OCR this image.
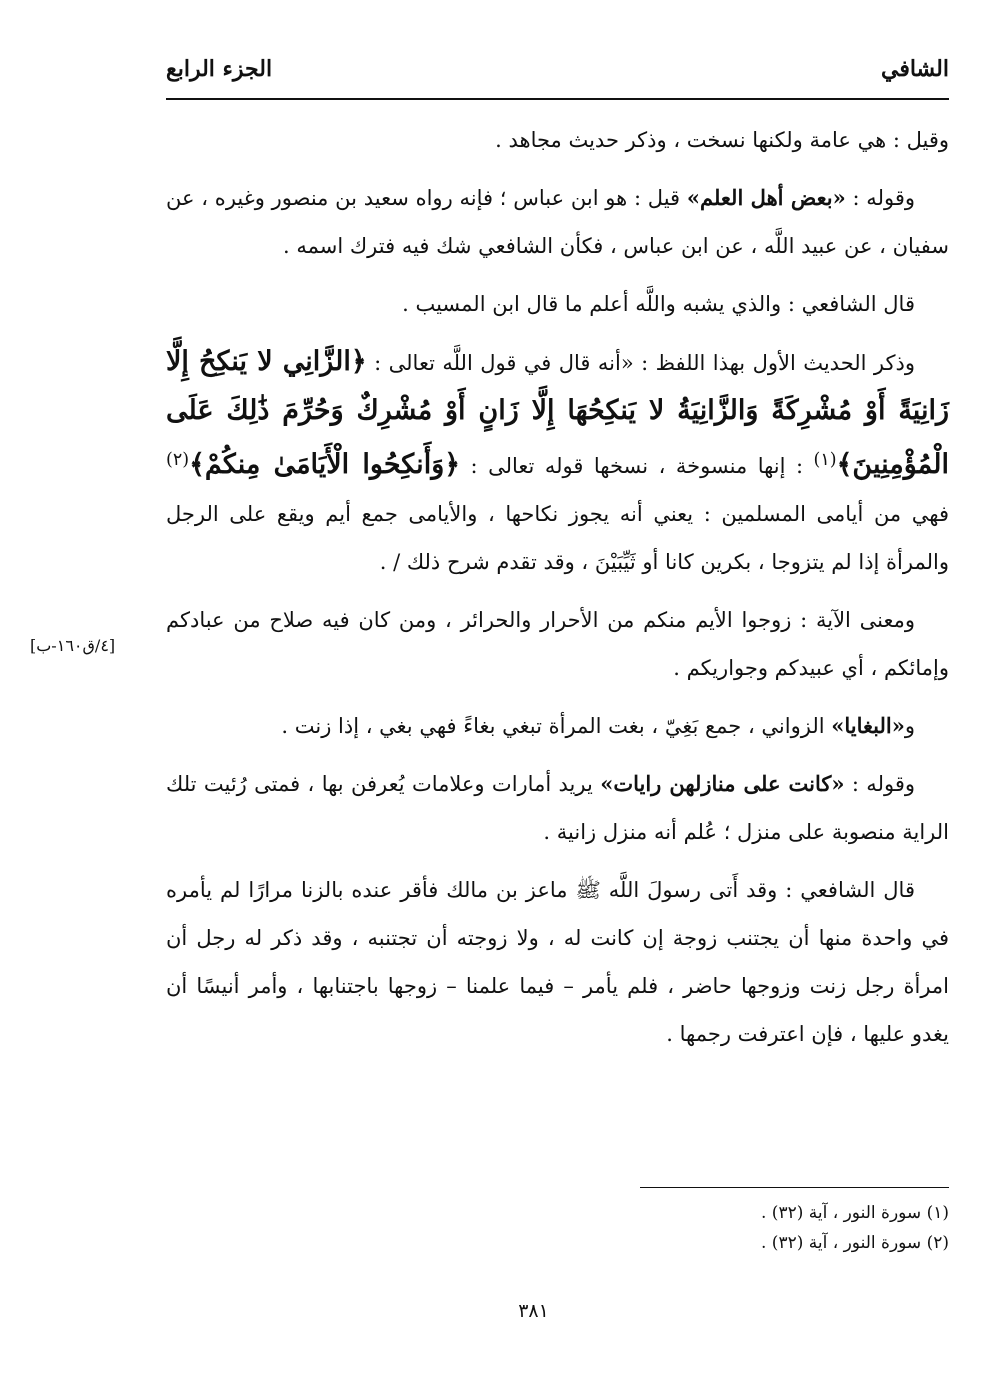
الشافي
الجزء الرابع

وقيل : هي عامة ولكنها نسخت ، وذكر حديث مجاهد .

وقوله : «بعض أهل العلم» قيل : هو ابن عباس ؛ فإنه رواه سعيد بن منصور وغيره ، عن سفيان ، عن عبيد اللَّه ، عن ابن عباس ، فكأن الشافعي شك فيه فترك اسمه .

قال الشافعي : والذي يشبه واللَّه أعلم ما قال ابن المسيب .

وذكر الحديث الأول بهذا اللفظ : «أنه قال في قول اللَّه تعالى : ﴿الزَّانِي لا يَنكِحُ إِلَّا زَانِيَةً أَوْ مُشْرِكَةً وَالزَّانِيَةُ لا يَنكِحُهَا إِلَّا زَانٍ أَوْ مُشْرِكٌ وَحُرِّمَ ذَٰلِكَ عَلَى الْمُؤْمِنِينَ﴾$^{(١)}$ : إنها منسوخة ، نسخها قوله تعالى : ﴿وَأَنكِحُوا الْأَيَامَىٰ مِنكُمْ﴾$^{(٢)}$ فهي من أيامى المسلمين : يعني أنه يجوز نكاحها ، والأيامى جمع أيم ويقع على الرجل والمرأة إذا لم يتزوجا ، بكرين كانا أو ثَيِّبَيْنَ ، وقد تقدم شرح ذلك / .

ومعنى الآية : زوجوا الأيم منكم من الأحرار والحرائر ، ومن كان فيه صلاح من عبادكم وإمائكم ، أي عبيدكم وجواريكم .

و«البغايا» الزواني ، جمع بَغِيّ ، بغت المرأة تبغي بغاءً فهي بغي ، إذا زنت .

وقوله : «كانت على منازلهن رايات» يريد أمارات وعلامات يُعرفن بها ، فمتى رُئيت تلك الراية منصوبة على منزل ؛ عُلم أنه منزل زانية .

قال الشافعي : وقد أَتى رسولَ اللَّه ﷺ ماعز بن مالك فأقر عنده بالزنا مرارًا لم يأمره في واحدة منها أن يجتنب زوجة إن كانت له ، ولا زوجته أن تجتنبه ، وقد ذكر له رجل أن امرأة رجل زنت وزوجها حاضر ، فلم يأمر – فيما علمنا – زوجها باجتنابها ، وأمر أنيسًا أن يغدو عليها ، فإن اعترفت رجمها .

[٤/ق١٦٠-ب]

(١) سورة النور ، آية (٣٢) .

(٢) سورة النور ، آية (٣٢) .

٣٨١
